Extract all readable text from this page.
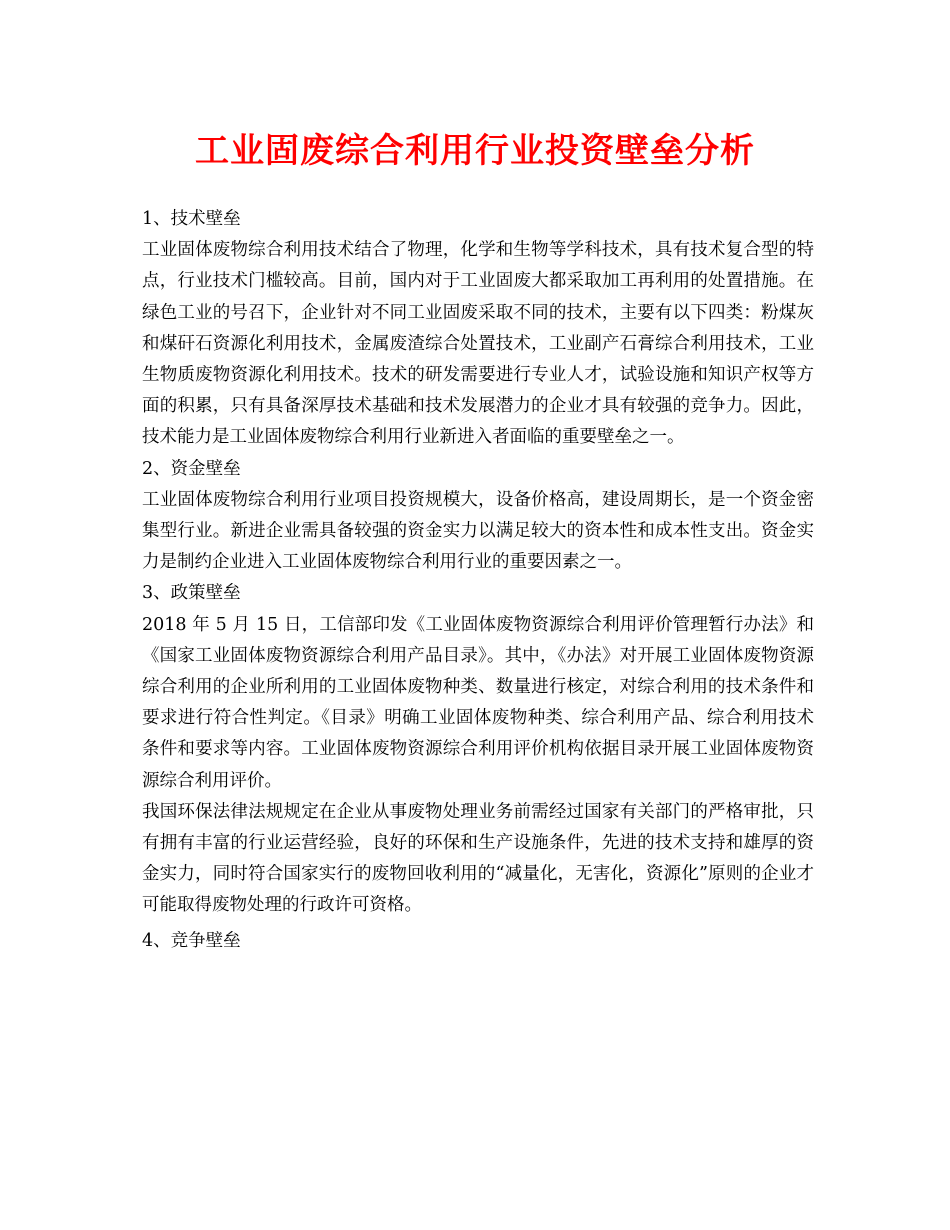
工业固废综合利用行业投资壁垒分析

1、技术壁垒

工业固体废物综合利用技术结合了物理，化学和生物等学科技术，具有技术复合型的特点，行业技术门槛较高。目前，国内对于工业固废大都采取加工再利用的处置措施。在绿色工业的号召下，企业针对不同工业固废采取不同的技术，主要有以下四类：粉煤灰和煤矸石资源化利用技术，金属废渣综合处置技术，工业副产石膏综合利用技术，工业生物质废物资源化利用技术。技术的研发需要进行专业人才，试验设施和知识产权等方面的积累，只有具备深厚技术基础和技术发展潜力的企业才具有较强的竞争力。因此，技术能力是工业固体废物综合利用行业新进入者面临的重要壁垒之一。

2、资金壁垒

工业固体废物综合利用行业项目投资规模大，设备价格高，建设周期长，是一个资金密集型行业。新进企业需具备较强的资金实力以满足较大的资本性和成本性支出。资金实力是制约企业进入工业固体废物综合利用行业的重要因素之一。

3、政策壁垒

2018 年 5 月 15 日，工信部印发《工业固体废物资源综合利用评价管理暂行办法》和《国家工业固体废物资源综合利用产品目录》。其中，《办法》对开展工业固体废物资源综合利用的企业所利用的工业固体废物种类、数量进行核定，对综合利用的技术条件和要求进行符合性判定。《目录》明确工业固体废物种类、综合利用产品、综合利用技术条件和要求等内容。工业固体废物资源综合利用评价机构依据目录开展工业固体废物资源综合利用评价。

我国环保法律法规规定在企业从事废物处理业务前需经过国家有关部门的严格审批，只有拥有丰富的行业运营经验，良好的环保和生产设施条件，先进的技术支持和雄厚的资金实力，同时符合国家实行的废物回收利用的“减量化，无害化，资源化”原则的企业才可能取得废物处理的行政许可资格。

4、竞争壁垒
